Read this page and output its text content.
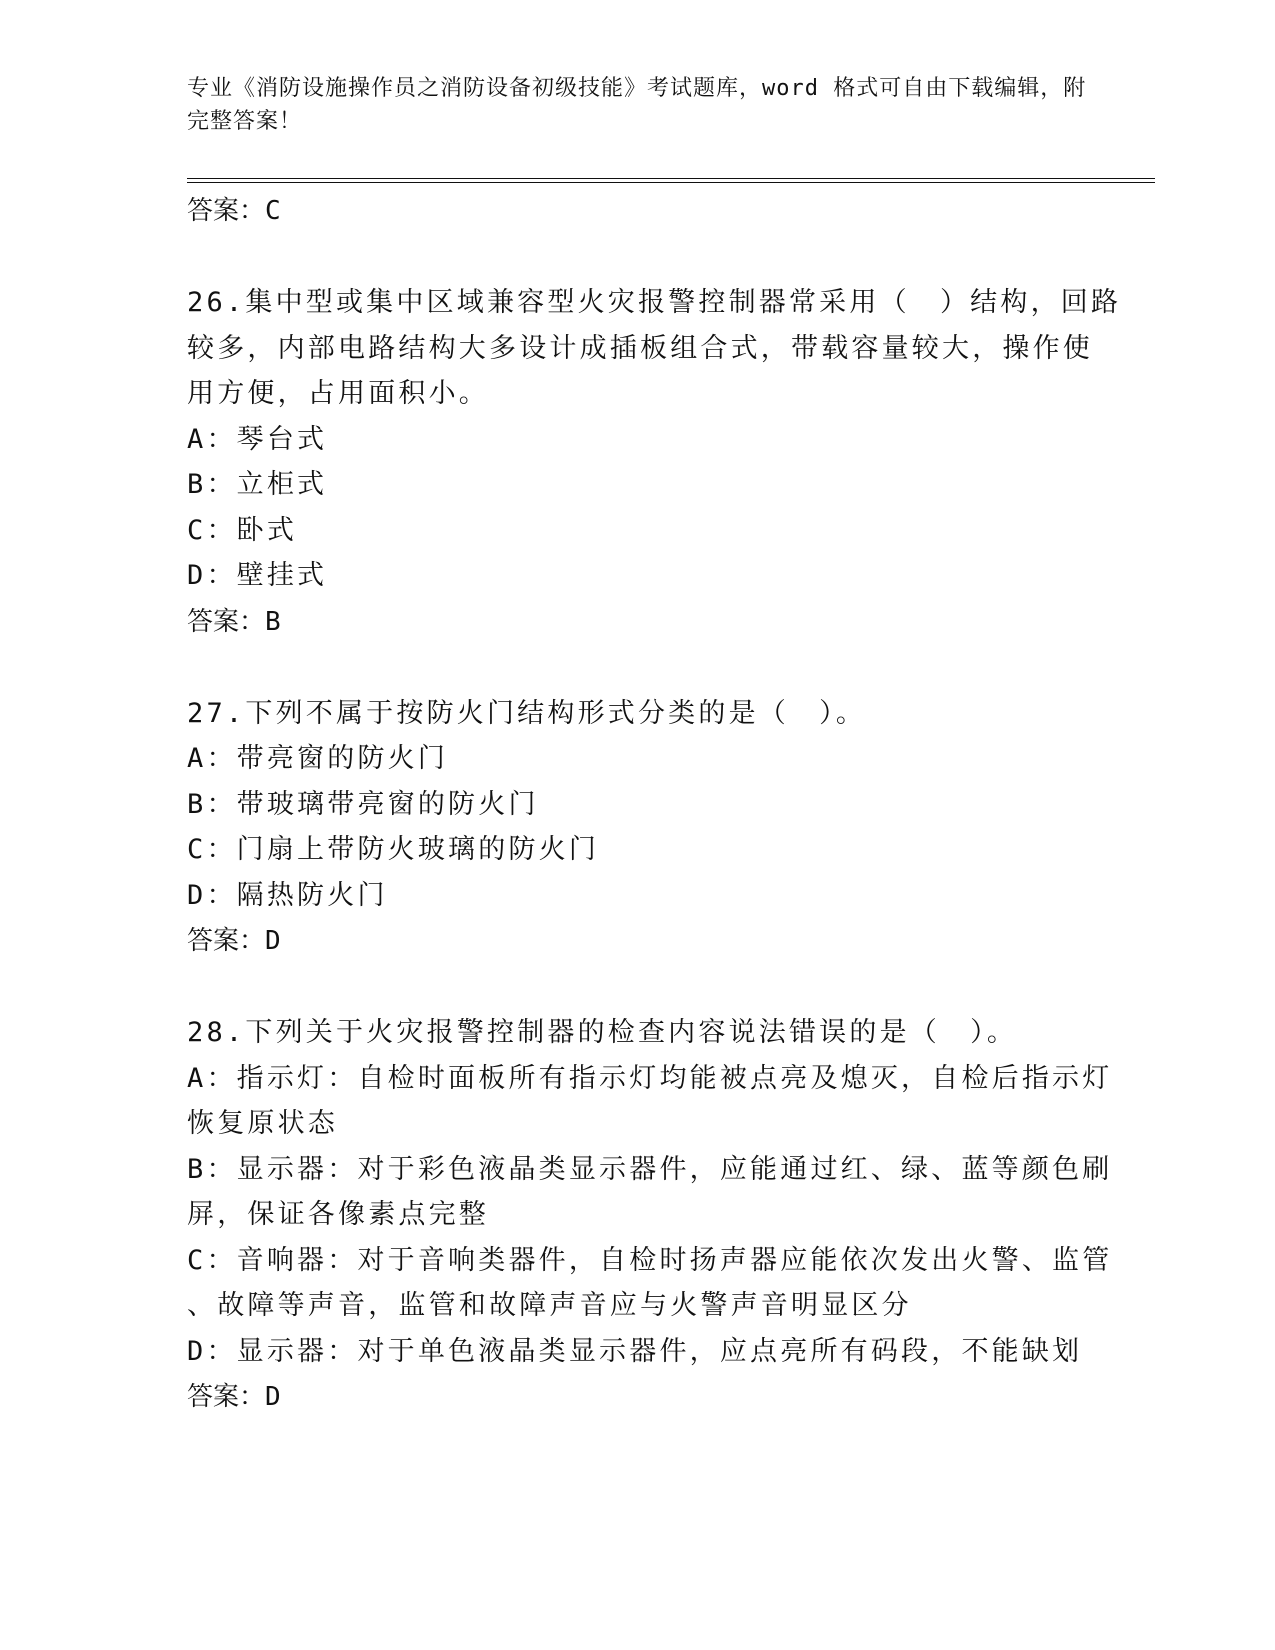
专业《消防设施操作员之消防设备初级技能》考试题库，word 格式可自由下载编辑，附完整答案！
答案：C
26.集中型或集中区域兼容型火灾报警控制器常采用（　）结构，回路
较多，内部电路结构大多设计成插板组合式，带载容量较大，操作使
用方便，占用面积小。
A：琴台式
B：立柜式
C：卧式
D：壁挂式
答案：B
27.下列不属于按防火门结构形式分类的是（　）。
A：带亮窗的防火门
B：带玻璃带亮窗的防火门
C：门扇上带防火玻璃的防火门
D：隔热防火门
答案：D
28.下列关于火灾报警控制器的检查内容说法错误的是（　）。
A：指示灯：自检时面板所有指示灯均能被点亮及熄灭，自检后指示灯
恢复原状态
B：显示器：对于彩色液晶类显示器件，应能通过红、绿、蓝等颜色刷
屏，保证各像素点完整
C：音响器：对于音响类器件，自检时扬声器应能依次发出火警、监管
、故障等声音，监管和故障声音应与火警声音明显区分
D：显示器：对于单色液晶类显示器件，应点亮所有码段，不能缺划
答案：D
